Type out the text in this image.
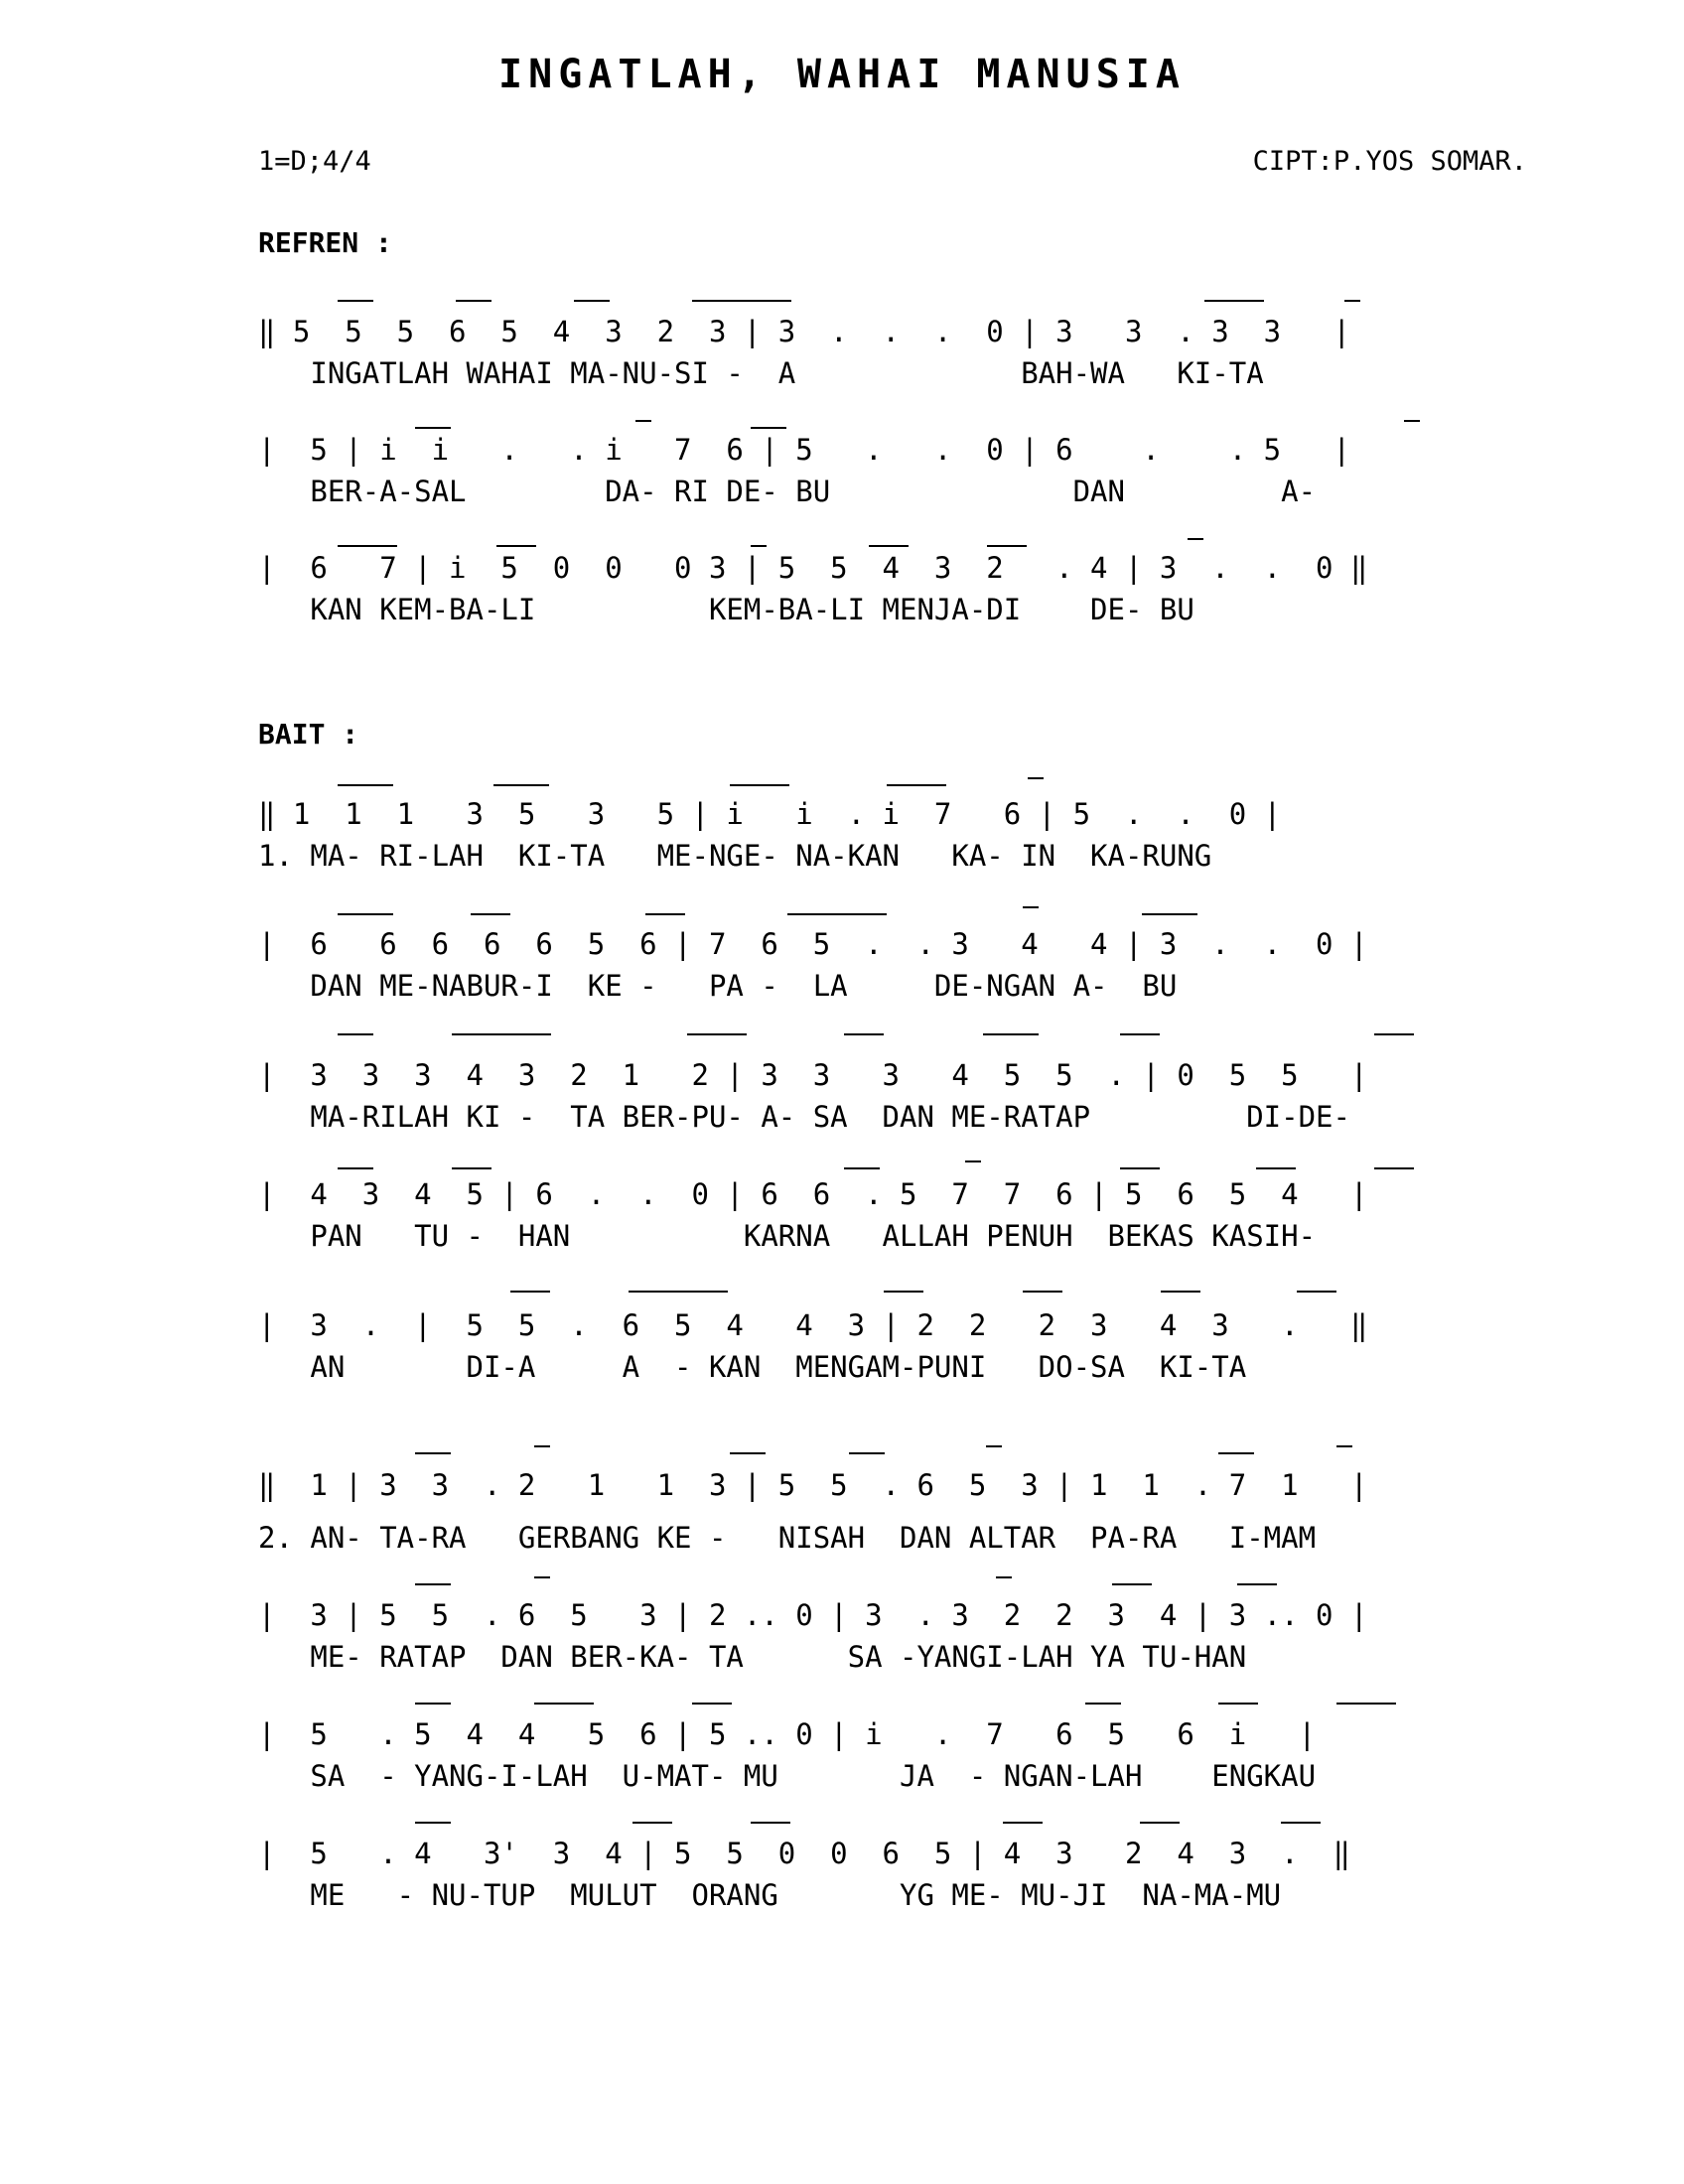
INGATLAH, WAHAI MANUSIA
1=D;4/4	CIPT:P.YOS SOMAR.
REFREN :
‖ 5  5  5  6  5  4  3  2  3 | 3  .  .  .  0 | 3   3  . 3  3   |
INGATLAH WAHAI MA-NU-SI -  A             BAH-WA   KI-TA
|  5 | i  i   .   . i   7  6 | 5   .   .  0 | 6    .    . 5   |
BER-A-SAL        DA- RI DE- BU              DAN         A-
|  6   7 | i  5  0  0   0 3 | 5  5  4  3  2   . 4 | 3  .  .  0 ‖
KAN KEM-BA-LI          KEM-BA-LI MENJA-DI    DE- BU
BAIT :
‖ 1  1  1   3  5   3   5 | i   i  . i  7   6 | 5  .  .  0 |
1. MA- RI-LAH  KI-TA   ME-NGE- NA-KAN   KA- IN  KA-RUNG
|  6   6  6  6  6  5  6 | 7  6  5  .  . 3   4   4 | 3  .  .  0 |
DAN ME-NABUR-I  KE -   PA -  LA     DE-NGAN A-  BU
|  3  3  3  4  3  2  1   2 | 3  3   3   4  5  5  . | 0  5  5   |
MA-RILAH KI -  TA BER-PU- A- SA  DAN ME-RATAP         DI-DE-
|  4  3  4  5 | 6  .  .  0 | 6  6  . 5  7  7  6 | 5  6  5  4   |
PAN   TU -  HAN          KARNA   ALLAH PENUH  BEKAS KASIH-
|  3  .  |  5  5  .  6  5  4   4  3 | 2  2   2  3   4  3   .   ‖
AN       DI-A     A  - KAN  MENGAM-PUNI   DO-SA  KI-TA
‖  1 | 3  3  . 2   1   1  3 | 5  5  . 6  5  3 | 1  1  . 7  1   |
2. AN- TA-RA   GERBANG KE -   NISAH  DAN ALTAR  PA-RA   I-MAM
|  3 | 5  5  . 6  5   3 | 2 .. 0 | 3  . 3  2  2  3  4 | 3 .. 0 |
ME- RATAP  DAN BER-KA- TA      SA -YANGI-LAH YA TU-HAN
|  5   . 5  4  4   5  6 | 5 .. 0 | i   .  7   6  5   6  i   |
SA  - YANG-I-LAH  U-MAT- MU       JA  - NGAN-LAH    ENGKAU
|  5   . 4   3'  3  4 | 5  5  0  0  6  5 | 4  3   2  4  3  .  ‖
ME   - NU-TUP  MULUT  ORANG       YG ME- MU-JI  NA-MA-MU
